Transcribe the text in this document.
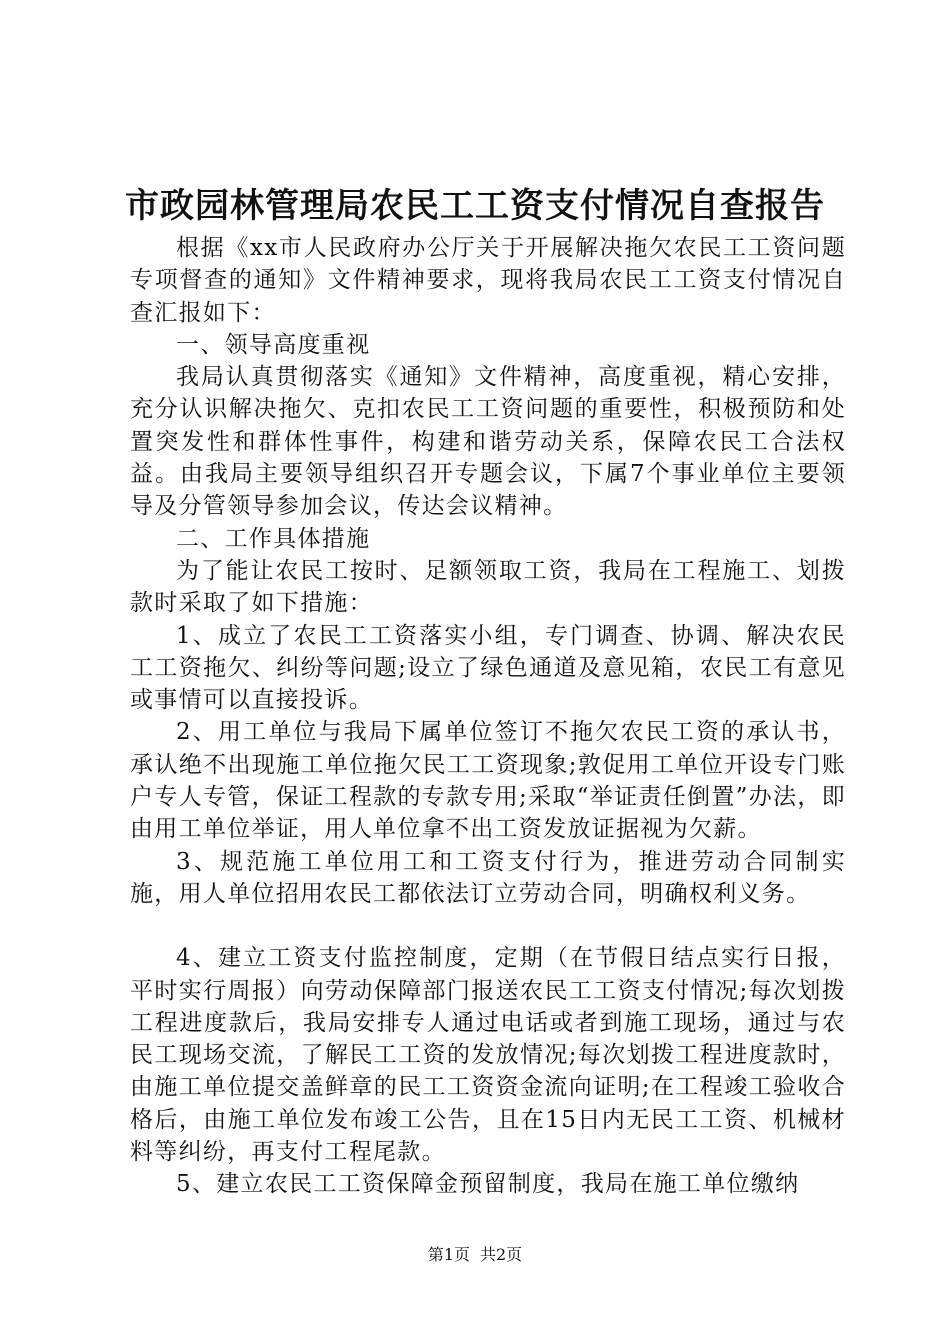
市政园林管理局农民工工资支付情况自查报告

根据《xx市人民政府办公厅关于开展解决拖欠农民工工资问题专项督查的通知》文件精神要求，现将我局农民工工资支付情况自查汇报如下：

一、领导高度重视

我局认真贯彻落实《通知》文件精神，高度重视，精心安排，充分认识解决拖欠、克扣农民工工资问题的重要性，积极预防和处置突发性和群体性事件，构建和谐劳动关系，保障农民工合法权益。由我局主要领导组织召开专题会议，下属7个事业单位主要领导及分管领导参加会议，传达会议精神。

二、工作具体措施

为了能让农民工按时、足额领取工资，我局在工程施工、划拨款时采取了如下措施：

1、成立了农民工工资落实小组，专门调查、协调、解决农民工工资拖欠、纠纷等问题;设立了绿色通道及意见箱，农民工有意见或事情可以直接投诉。

2、用工单位与我局下属单位签订不拖欠农民工资的承认书，承认绝不出现施工单位拖欠民工工资现象;敦促用工单位开设专门账户专人专管，保证工程款的专款专用;采取“举证责任倒置”办法，即由用工单位举证，用人单位拿不出工资发放证据视为欠薪。

3、规范施工单位用工和工资支付行为，推进劳动合同制实施，用人单位招用农民工都依法订立劳动合同，明确权利义务。

4、建立工资支付监控制度，定期（在节假日结点实行日报，平时实行周报）向劳动保障部门报送农民工工资支付情况;每次划拨工程进度款后，我局安排专人通过电话或者到施工现场，通过与农民工现场交流，了解民工工资的发放情况;每次划拨工程进度款时，由施工单位提交盖鲜章的民工工资资金流向证明;在工程竣工验收合格后，由施工单位发布竣工公告，且在15日内无民工工资、机械材料等纠纷，再支付工程尾款。

5、建立农民工工资保障金预留制度，我局在施工单位缴纳

第1页 共2页
